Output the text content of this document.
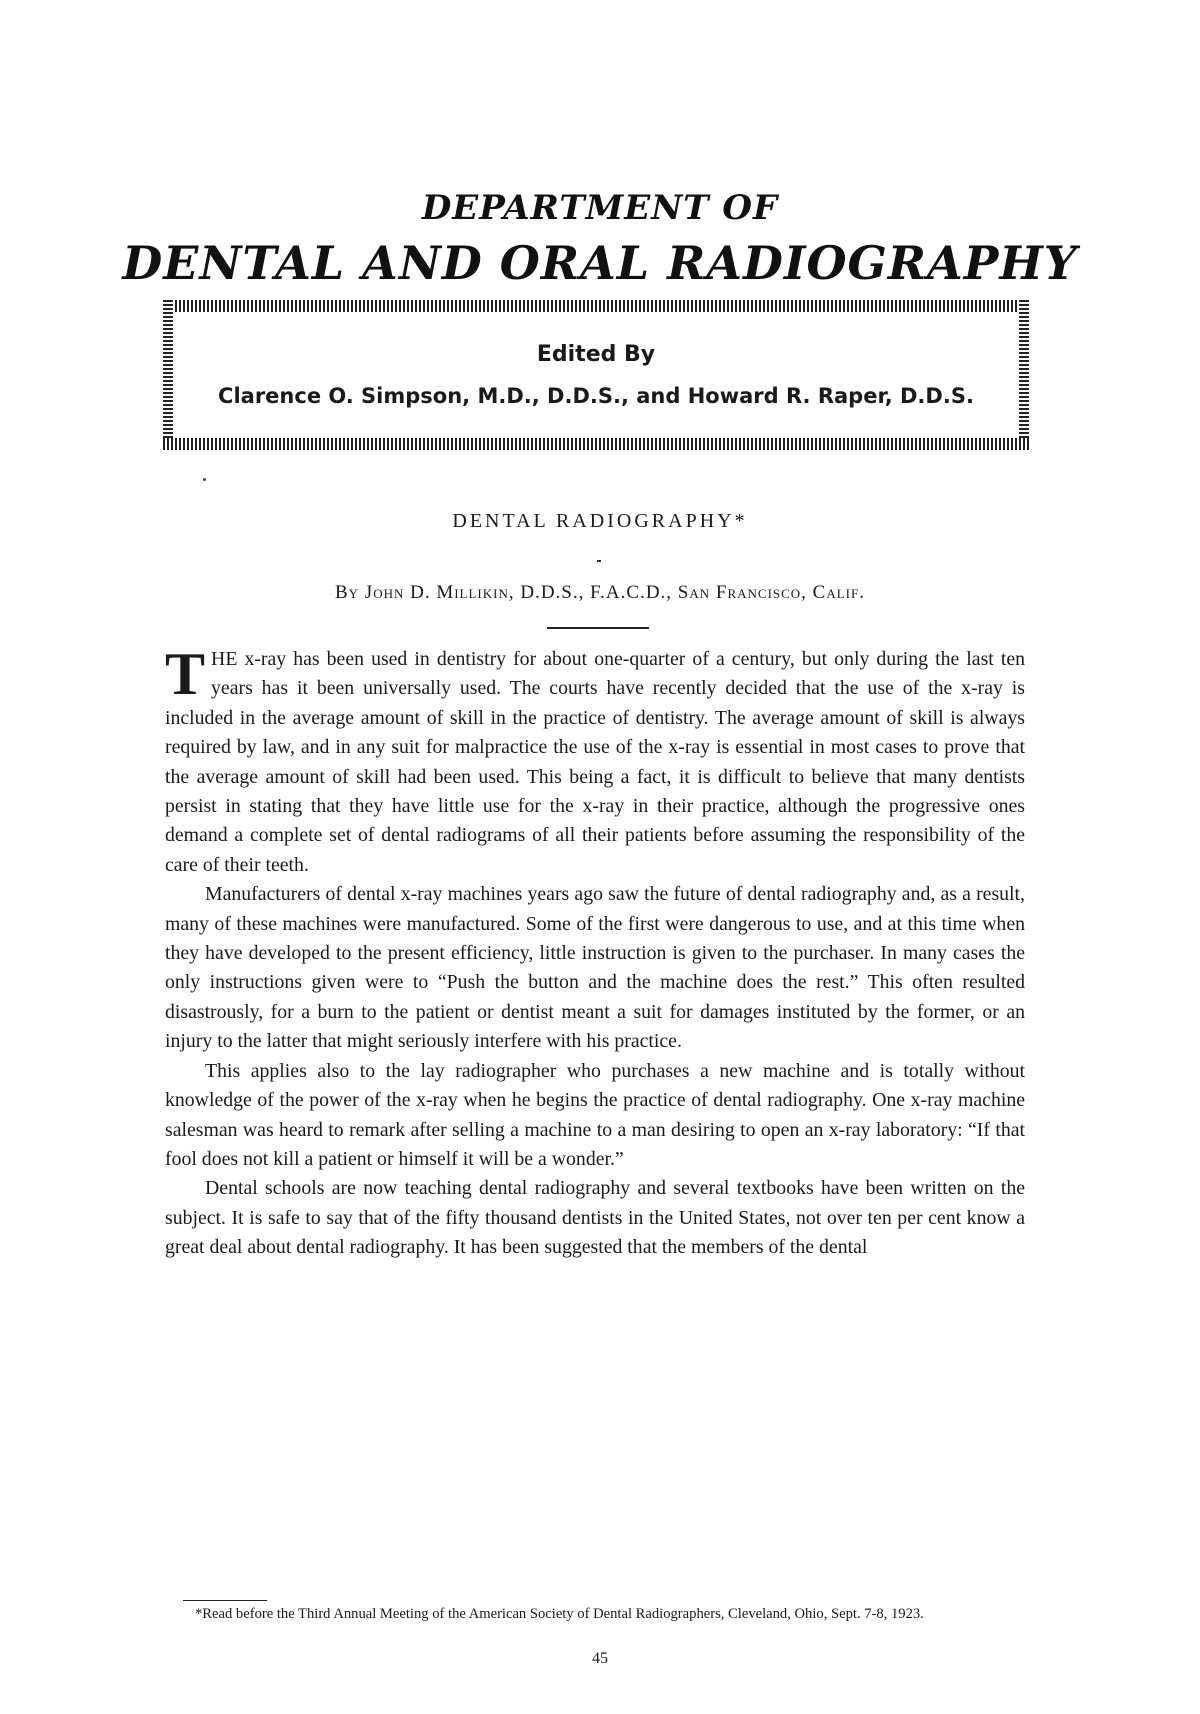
DEPARTMENT OF
DENTAL AND ORAL RADIOGRAPHY
Edited By
Clarence O. Simpson, M.D., D.D.S., and Howard R. Raper, D.D.S.
DENTAL RADIOGRAPHY*
By John D. Millikin, D.D.S., F.A.C.D., San Francisco, Calif.

THE x-ray has been used in dentistry for about one-quarter of a century, but only during the last ten years has it been universally used. The courts have recently decided that the use of the x-ray is included in the average amount of skill in the practice of dentistry. The average amount of skill is always required by law, and in any suit for malpractice the use of the x-ray is essential in most cases to prove that the average amount of skill had been used. This being a fact, it is difficult to believe that many dentists persist in stating that they have little use for the x-ray in their practice, although the progressive ones demand a complete set of dental radiograms of all their patients before assuming the responsibility of the care of their teeth.

Manufacturers of dental x-ray machines years ago saw the future of dental radiography and, as a result, many of these machines were manufactured. Some of the first were dangerous to use, and at this time when they have developed to the present efficiency, little instruction is given to the purchaser. In many cases the only instructions given were to “Push the button and the machine does the rest.” This often resulted disastrously, for a burn to the patient or dentist meant a suit for damages instituted by the former, or an injury to the latter that might seriously interfere with his practice.

This applies also to the lay radiographer who purchases a new machine and is totally without knowledge of the power of the x-ray when he begins the practice of dental radiography. One x-ray machine salesman was heard to remark after selling a machine to a man desiring to open an x-ray laboratory: “If that fool does not kill a patient or himself it will be a wonder.”

Dental schools are now teaching dental radiography and several textbooks have been written on the subject. It is safe to say that of the fifty thousand dentists in the United States, not over ten per cent know a great deal about dental radiography. It has been suggested that the members of the dental

*Read before the Third Annual Meeting of the American Society of Dental Radiographers, Cleveland, Ohio, Sept. 7-8, 1923.
45
